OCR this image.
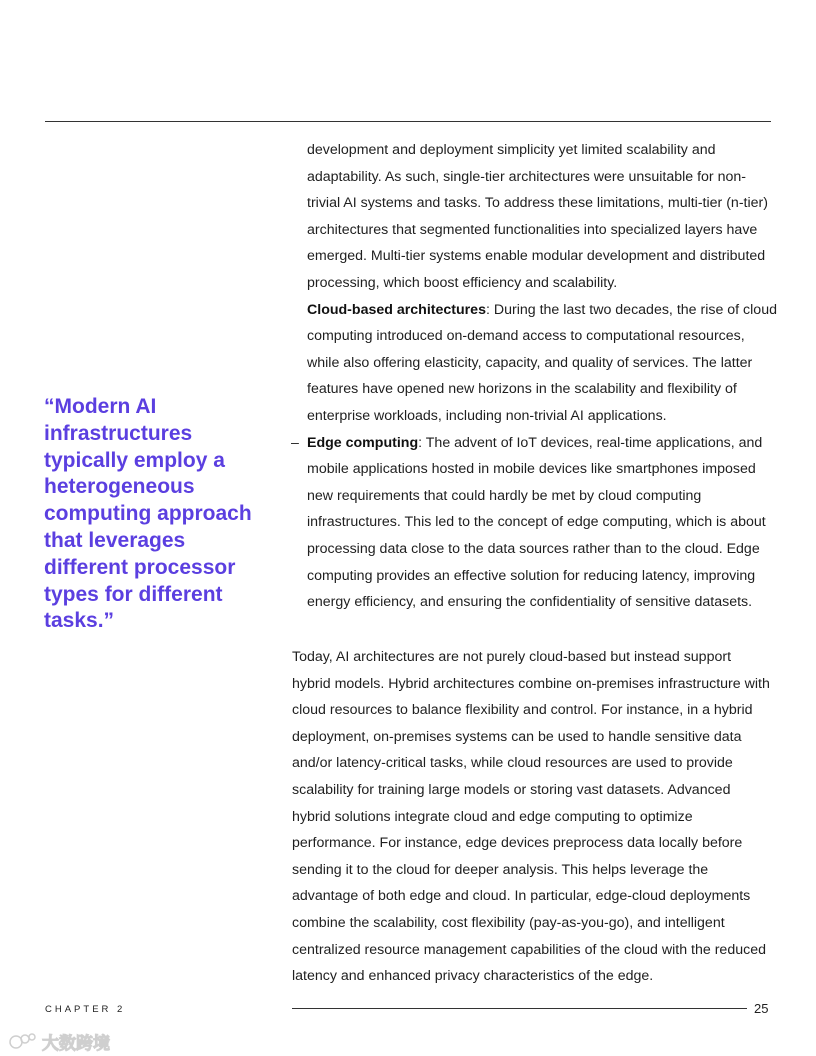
development and deployment simplicity yet limited scalability and adaptability. As such, single-tier architectures were unsuitable for non-trivial AI systems and tasks. To address these limitations, multi-tier (n-tier) architectures that segmented functionalities into specialized layers have emerged. Multi-tier systems enable modular development and distributed processing, which boost efficiency and scalability.

Cloud-based architectures: During the last two decades, the rise of cloud computing introduced on-demand access to computational resources, while also offering elasticity, capacity, and quality of services. The latter features have opened new horizons in the scalability and flexibility of enterprise workloads, including non-trivial AI applications.

– Edge computing: The advent of IoT devices, real-time applications, and mobile applications hosted in mobile devices like smartphones imposed new requirements that could hardly be met by cloud computing infrastructures. This led to the concept of edge computing, which is about processing data close to the data sources rather than to the cloud. Edge computing provides an effective solution for reducing latency, improving energy efficiency, and ensuring the confidentiality of sensitive datasets.

“Modern AI infrastructures typically employ a heterogeneous computing approach that leverages different processor types for different tasks.”

Today, AI architectures are not purely cloud-based but instead support hybrid models. Hybrid architectures combine on-premises infrastructure with cloud resources to balance flexibility and control. For instance, in a hybrid deployment, on-premises systems can be used to handle sensitive data and/or latency-critical tasks, while cloud resources are used to provide scalability for training large models or storing vast datasets. Advanced hybrid solutions integrate cloud and edge computing to optimize performance. For instance, edge devices preprocess data locally before sending it to the cloud for deeper analysis. This helps leverage the advantage of both edge and cloud. In particular, edge-cloud deployments combine the scalability, cost flexibility (pay-as-you-go), and intelligent centralized resource management capabilities of the cloud with the reduced latency and enhanced privacy characteristics of the edge.

CHAPTER 2	25
大数跨境
